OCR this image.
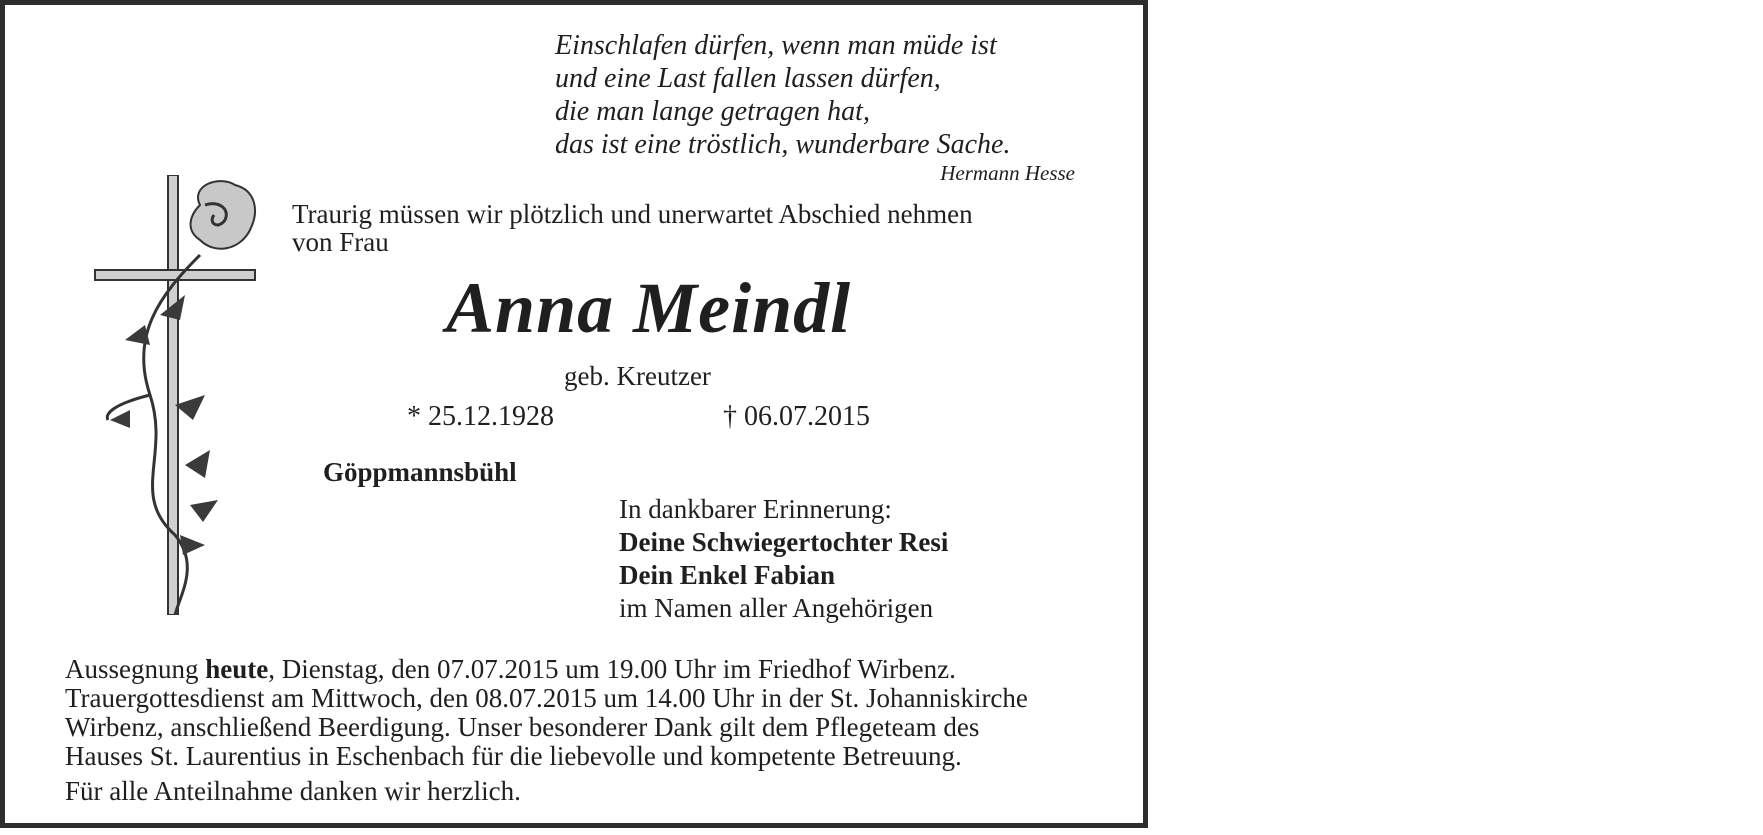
Einschlafen dürfen, wenn man müde ist
und eine Last fallen lassen dürfen,
die man lange getragen hat,
das ist eine tröstlich, wunderbare Sache.
Hermann Hesse
Traurig müssen wir plötzlich und unerwartet Abschied nehmen
von Frau
Anna Meindl
geb. Kreutzer
* 25.12.1928	† 06.07.2015
Göppmannsbühl
In dankbarer Erinnerung:
Deine Schwiegertochter Resi
Dein Enkel Fabian
im Namen aller Angehörigen
Aussegnung heute, Dienstag, den 07.07.2015 um 19.00 Uhr im Friedhof Wirbenz.
Trauergottesdienst am Mittwoch, den 08.07.2015 um 14.00 Uhr in der St. Johanniskirche
Wirbenz, anschließend Beerdigung. Unser besonderer Dank gilt dem Pflegeteam des
Hauses St. Laurentius in Eschenbach für die liebevolle und kompetente Betreuung.
Für alle Anteilnahme danken wir herzlich.
